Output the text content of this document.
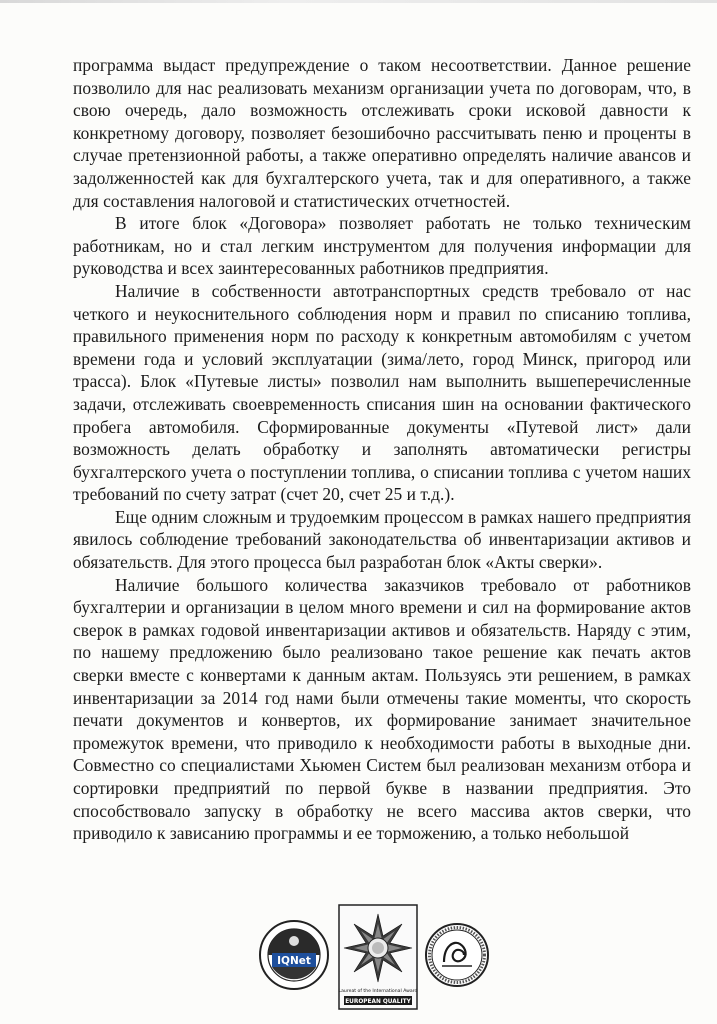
программа выдаст предупреждение о таком несоответствии. Данное решение позволило для нас реализовать механизм организации учета по договорам, что, в свою очередь, дало возможность отслеживать сроки исковой давности к конкретному договору, позволяет безошибочно рассчитывать пеню и проценты в случае претензионной работы, а также оперативно определять наличие авансов и задолженностей как для бухгалтерского учета, так и для оперативного, а также для составления налоговой и статистических отчетностей.

В итоге блок «Договора» позволяет работать не только техническим работникам, но и стал легким инструментом для получения информации для руководства и всех заинтересованных работников предприятия.

Наличие в собственности автотранспортных средств требовало от нас четкого и неукоснительного соблюдения норм и правил по списанию топлива, правильного применения норм по расходу к конкретным автомобилям с учетом времени года и условий эксплуатации (зима/лето, город Минск, пригород или трасса). Блок «Путевые листы» позволил нам выполнить вышеперечисленные задачи, отслеживать своевременность списания шин на основании фактического пробега автомобиля. Сформированные документы «Путевой лист» дали возможность делать обработку и заполнять автоматически регистры бухгалтерского учета о поступлении топлива, о списании топлива с учетом наших требований по счету затрат (счет 20, счет 25 и т.д.).

Еще одним сложным и трудоемким процессом в рамках нашего предприятия явилось соблюдение требований законодательства об инвентаризации активов и обязательств. Для этого процесса был разработан блок «Акты сверки».

Наличие большого количества заказчиков требовало от работников бухгалтерии и организации в целом много времени и сил на формирование актов сверок в рамках годовой инвентаризации активов и обязательств. Наряду с этим, по нашему предложению было реализовано такое решение как печать актов сверки вместе с конвертами к данным актам. Пользуясь эти решением, в рамках инвентаризации за 2014 год нами были отмечены такие моменты, что скорость печати документов и конвертов, их формирование занимает значительное промежуток времени, что приводило к необходимости работы в выходные дни. Совместно со специалистами Хьюмен Систем был реализован механизм отбора и сортировки предприятий по первой букве в названии предприятия. Это способствовало запуску в обработку не всего массива актов сверки, что приводило к зависанию программы и ее торможению, а только небольшой

IQNet
Laureat of the International Award
EUROPEAN QUALITY
